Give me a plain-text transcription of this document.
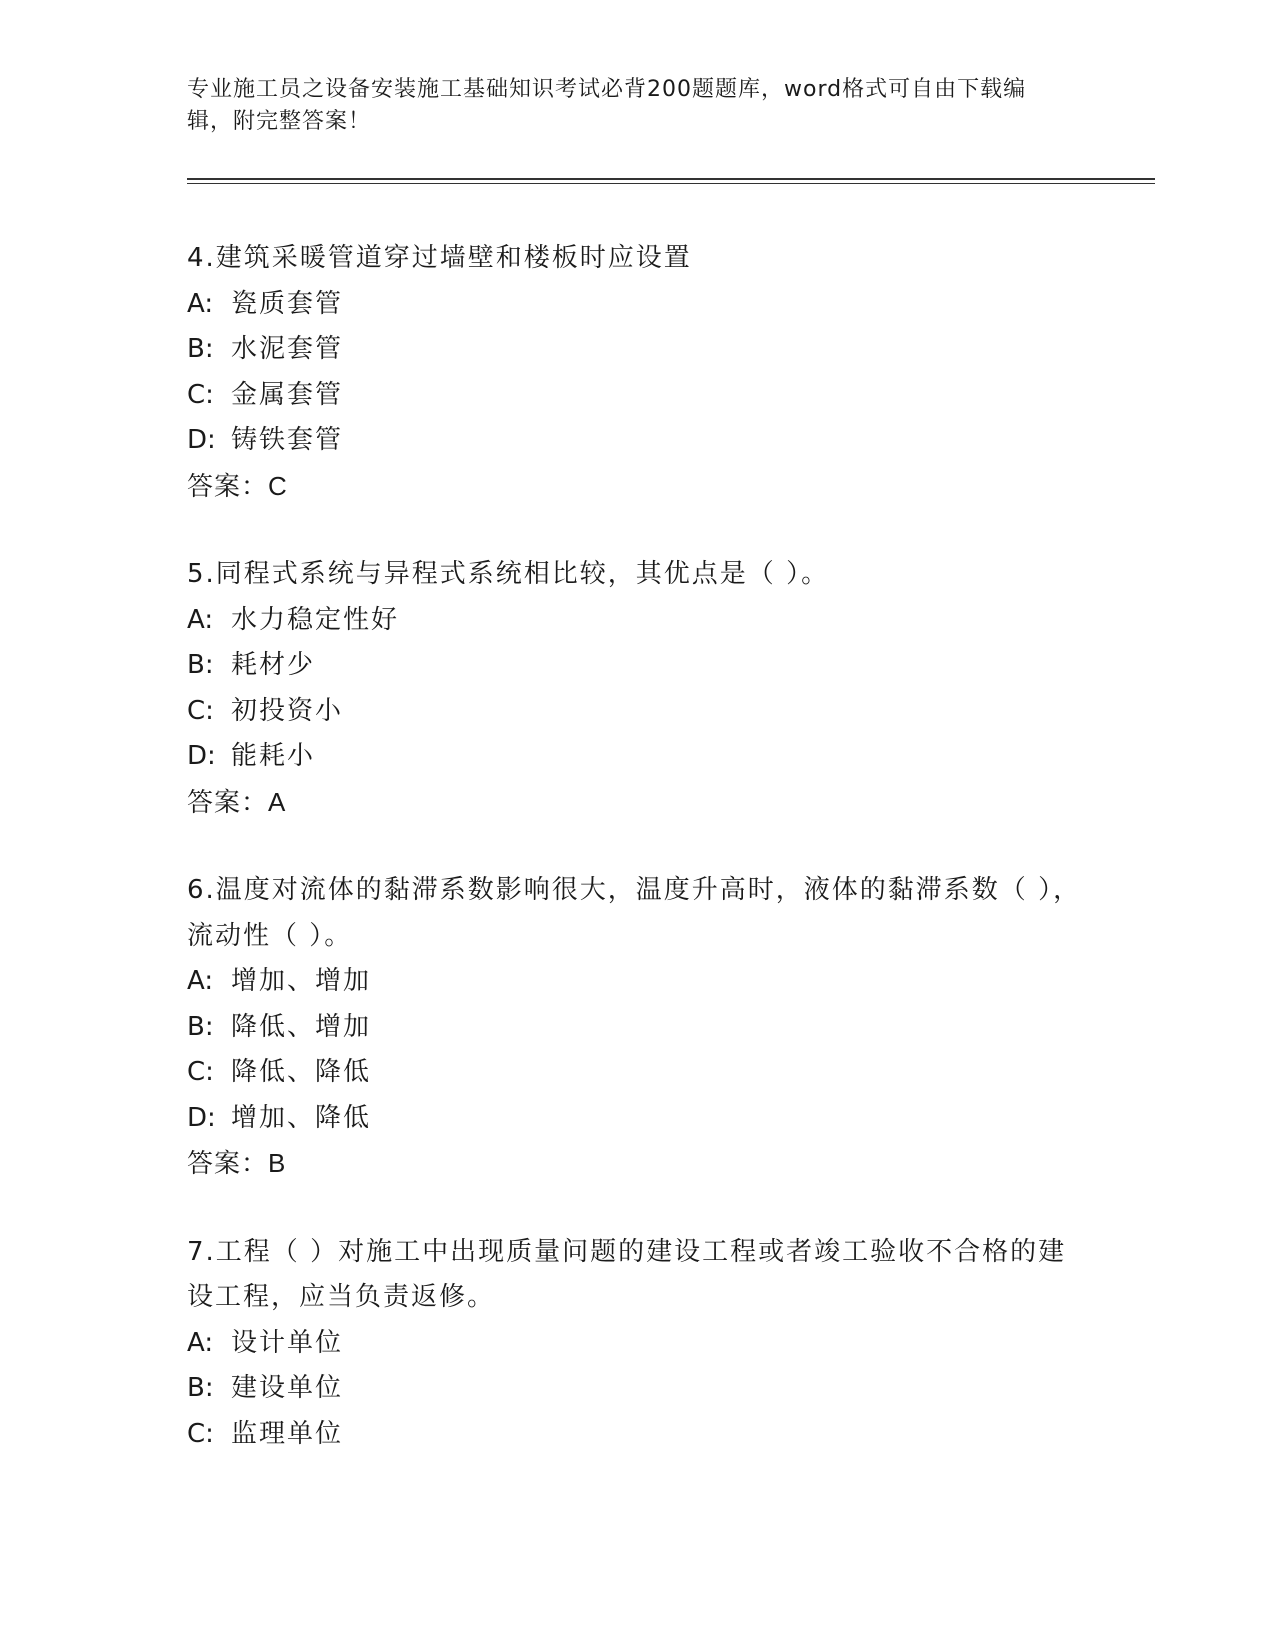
专业施工员之设备安装施工基础知识考试必背200题题库，word格式可自由下载编辑，附完整答案！
4.建筑采暖管道穿过墙壁和楼板时应设置
A: 瓷质套管
B: 水泥套管
C: 金属套管
D: 铸铁套管
答案：C
5.同程式系统与异程式系统相比较，其优点是（ ）。
A: 水力稳定性好
B: 耗材少
C: 初投资小
D: 能耗小
答案：A
6.温度对流体的黏滞系数影响很大，温度升高时，液体的黏滞系数（ ），流动性（ ）。
A: 增加、增加
B: 降低、增加
C: 降低、降低
D: 增加、降低
答案：B
7.工程（ ）对施工中出现质量问题的建设工程或者竣工验收不合格的建设工程，应当负责返修。
A: 设计单位
B: 建设单位
C: 监理单位
